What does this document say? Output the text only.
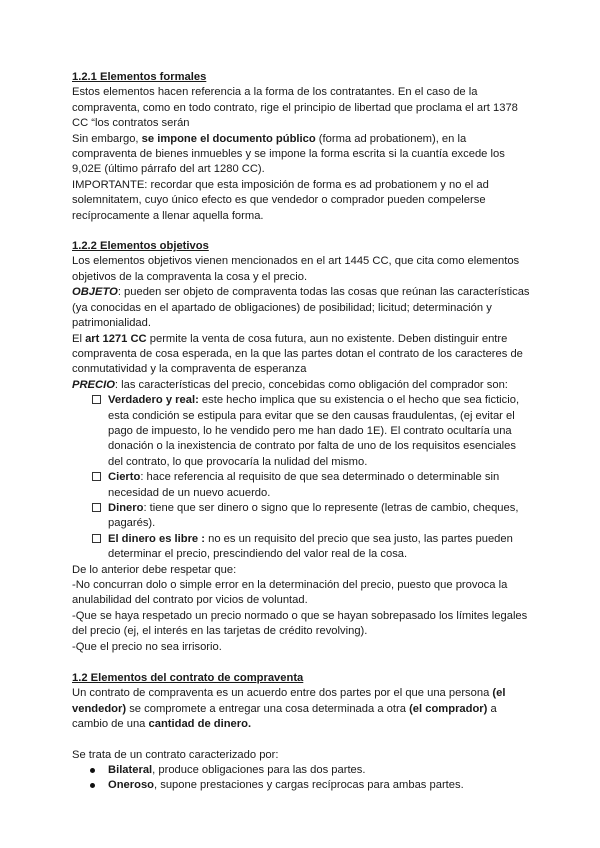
1.2.1 Elementos formales

Estos elementos hacen referencia a la forma de los contratantes. En el caso de la compraventa, como en todo contrato, rige el principio de libertad que proclama el art 1378 CC “los contratos serán

Sin embargo, se impone el documento público (forma ad probationem), en la compraventa de bienes inmuebles y se impone la forma escrita si la cuantía excede los 9,02E (último párrafo del art 1280 CC).

IMPORTANTE: recordar que esta imposición de forma es ad probationem y no el ad solemnitatem, cuyo único efecto es que vendedor o comprador pueden compelerse recíprocamente a llenar aquella forma.

1.2.2 Elementos objetivos

Los elementos objetivos vienen mencionados en el art 1445 CC, que cita como elementos objetivos de la compraventa la cosa y el precio.

OBJETO: pueden ser objeto de compraventa todas las cosas que reúnan las características (ya conocidas en el apartado de obligaciones) de posibilidad; licitud; determinación y patrimonialidad.

El art 1271 CC permite la venta de cosa futura, aun no existente. Deben distinguir entre compraventa de cosa esperada, en la que las partes dotan el contrato de los caracteres de conmutatividad y la compraventa de esperanza

PRECIO: las características del precio, concebidas como obligación del comprador son:

Verdadero y real: este hecho implica que su existencia o el hecho que sea ficticio, esta condición se estipula para evitar que se den causas fraudulentas, (ej evitar el pago de impuesto, lo he vendido pero me han dado 1E). El contrato ocultaría una donación o la inexistencia de contrato por falta de uno de los requisitos esenciales del contrato, lo que provocaría la nulidad del mismo.
Cierto: hace referencia al requisito de que sea determinado o determinable sin necesidad de un nuevo acuerdo.
Dinero: tiene que ser dinero o signo que lo represente (letras de cambio, cheques, pagarés).
El dinero es libre : no es un requisito del precio que sea justo, las partes pueden determinar el precio, prescindiendo del valor real de la cosa.

De lo anterior debe respetar que:

-No concurran dolo o simple error en la determinación del precio, puesto que provoca la anulabilidad del contrato por vicios de voluntad.

-Que se haya respetado un precio normado o que se hayan sobrepasado los límites legales del precio (ej, el interés en las tarjetas de crédito revolving).

-Que el precio no sea irrisorio.

1.2 Elementos del contrato de compraventa

Un contrato de compraventa es un acuerdo entre dos partes por el que una persona (el vendedor) se compromete a entregar una cosa determinada a otra (el comprador) a cambio de una cantidad de dinero.

Se trata de un contrato caracterizado por:

Bilateral, produce obligaciones para las dos partes.
Oneroso, supone prestaciones y cargas recíprocas para ambas partes.
